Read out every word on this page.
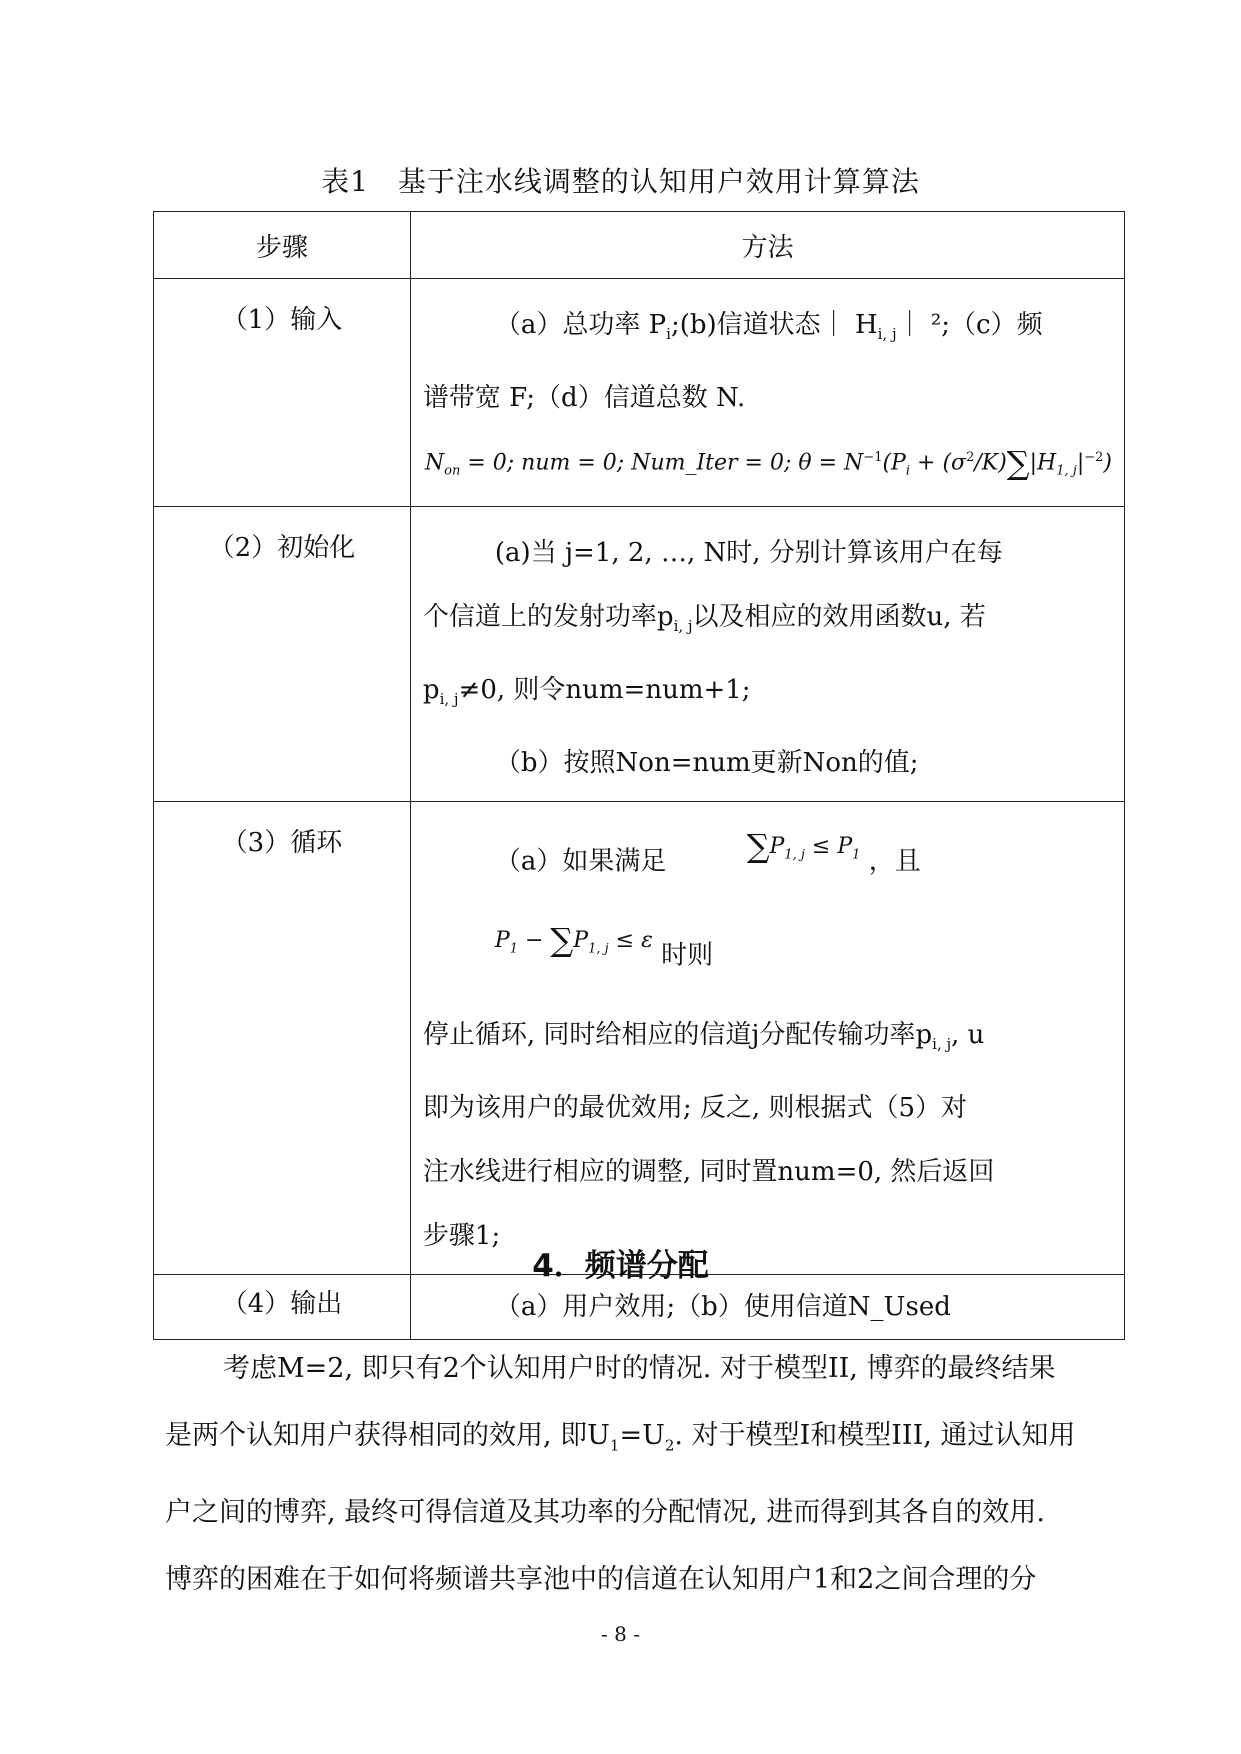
表1　基于注水线调整的认知用户效用计算算法
步骤	方法
（1）输入	（a）总功率 $P_i;(b)$信道状态｜ $H_{i, j}|$ ²;（c）频
谱带宽 F;（d）信道总数 N.
$N_{on} = 0$; num = 0; Num_Iter = 0; $\theta = N^{-1}(P_i + (\sigma^2/K)\sum|H_{1, j}|^{-2})$

（2）初始化	(a)当 j=1, 2, …, N时, 分别计算该用户在每
个信道上的发射功率$p_{i, j}$以及相应的效用函数u, 若
$p_{i, j}\ne 0$, 则令num=num+1;
（b）按照Non=num更新Non的值;

（3）循环	（a）如果满足 $\sum P_{1, j} \le P_1$ ，且 $P_1 - \sum P_{1, j} \le \varepsilon$ 时则
停止循环, 同时给相应的信道j分配传输功率$p_{i, j}$, u
即为该用户的最优效用; 反之, 则根据式（5）对
注水线进行相应的调整, 同时置num=0, 然后返回
步骤1;

（4）输出	（a）用户效用;（b）使用信道N_Used
4．频谱分配

考虑M=2, 即只有2个认知用户时的情况. 对于模型II, 博弈的最终结果

是两个认知用户获得相同的效用, 即$U_1=U_2$. 对于模型I和模型III, 通过认知用
户之间的博弈, 最终可得信道及其功率的分配情况, 进而得到其各自的效用.
博弈的困难在于如何将频谱共享池中的信道在认知用户1和2之间合理的分
- 8 -
